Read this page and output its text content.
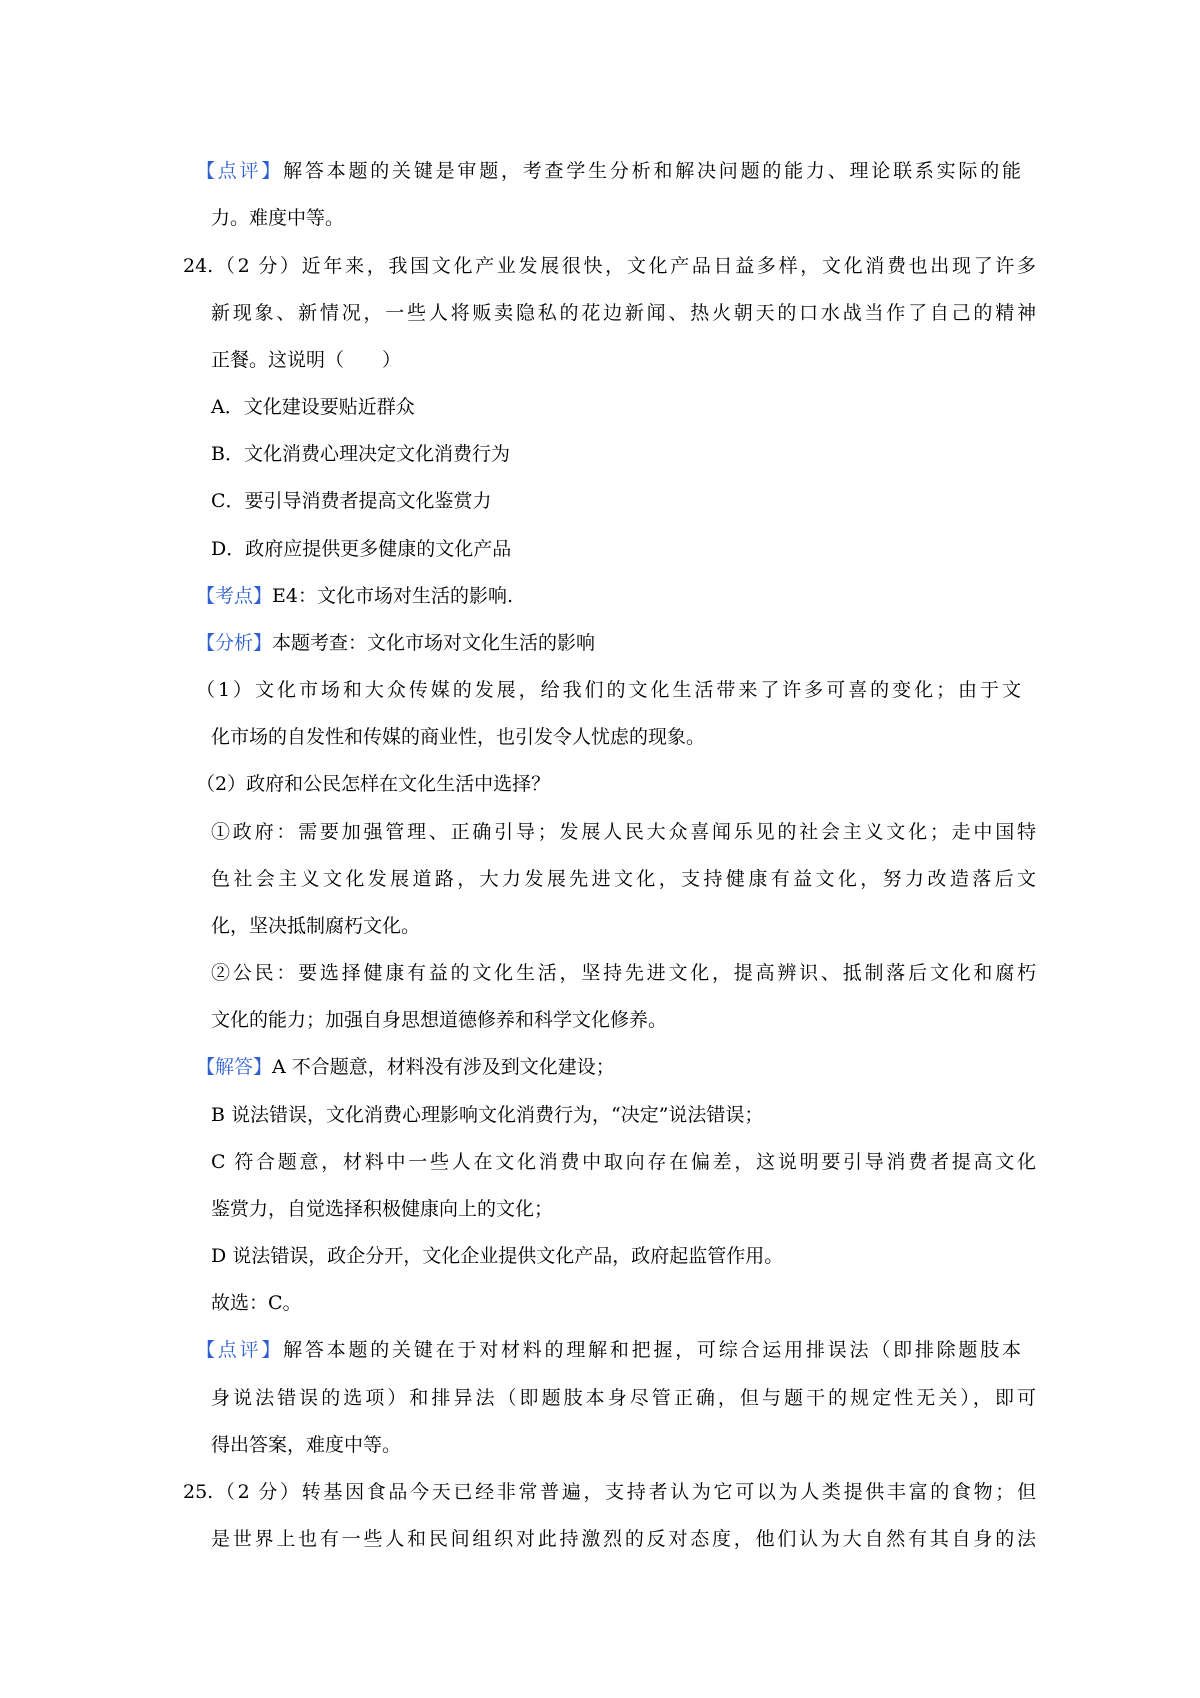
【点评】解答本题的关键是审题，考查学生分析和解决问题的能力、理论联系实际的能
力。难度中等。
24.（2 分）近年来，我国文化产业发展很快，文化产品日益多样，文化消费也出现了许多
新现象、新情况，一些人将贩卖隐私的花边新闻、热火朝天的口水战当作了自己的精神
正餐。这说明（　　）
A．文化建设要贴近群众
B．文化消费心理决定文化消费行为
C．要引导消费者提高文化鉴赏力
D．政府应提供更多健康的文化产品
【考点】E4：文化市场对生活的影响.
【分析】本题考查：文化市场对文化生活的影响
（1）文化市场和大众传媒的发展，给我们的文化生活带来了许多可喜的变化；由于文
化市场的自发性和传媒的商业性，也引发令人忧虑的现象。
（2）政府和公民怎样在文化生活中选择？
①政府：需要加强管理、正确引导；发展人民大众喜闻乐见的社会主义文化；走中国特
色社会主义文化发展道路，大力发展先进文化，支持健康有益文化，努力改造落后文
化，坚决抵制腐朽文化。
②公民：要选择健康有益的文化生活，坚持先进文化，提高辨识、抵制落后文化和腐朽
文化的能力；加强自身思想道德修养和科学文化修养。
【解答】A 不合题意，材料没有涉及到文化建设；
B 说法错误，文化消费心理影响文化消费行为，“决定”说法错误；
C 符合题意，材料中一些人在文化消费中取向存在偏差，这说明要引导消费者提高文化
鉴赏力，自觉选择积极健康向上的文化；
D 说法错误，政企分开，文化企业提供文化产品，政府起监管作用。
故选：C。
【点评】解答本题的关键在于对材料的理解和把握，可综合运用排误法（即排除题肢本
身说法错误的选项）和排异法（即题肢本身尽管正确，但与题干的规定性无关），即可
得出答案，难度中等。
25.（2 分）转基因食品今天已经非常普遍，支持者认为它可以为人类提供丰富的食物；但
是世界上也有一些人和民间组织对此持激烈的反对态度，他们认为大自然有其自身的法
